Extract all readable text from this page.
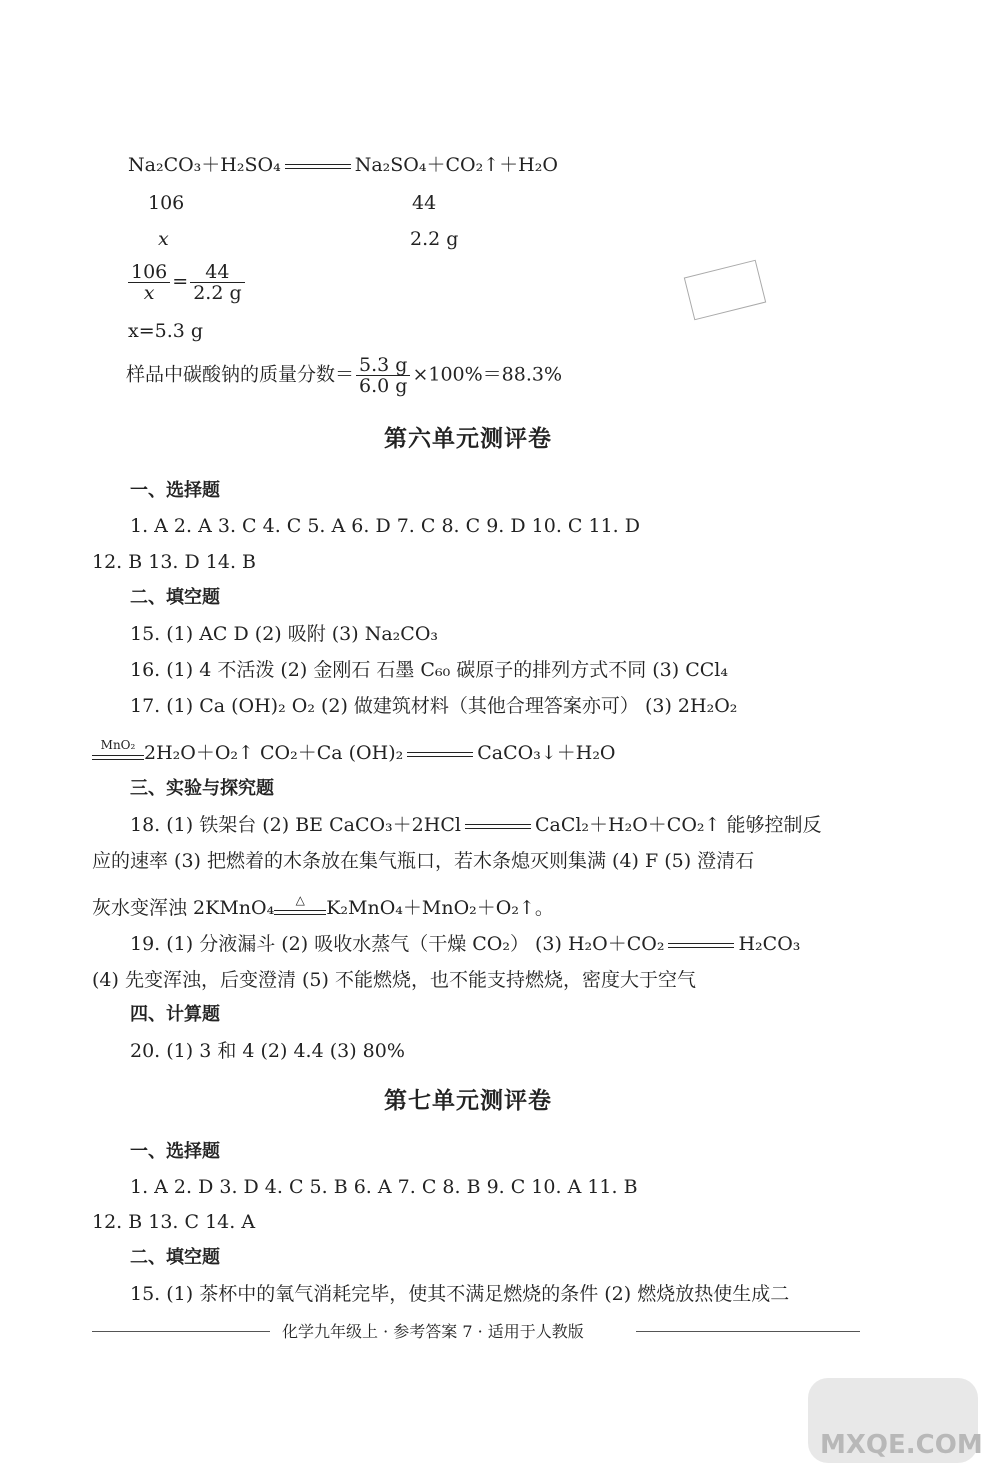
Na₂CO₃＋H₂SO₄	Na₂SO₄＋CO₂↑＋H₂O
106	44
x	2.2 g
$\frac{106}{x} = \frac{44}{2.2 g}$
x=5.3 g
样品中碳酸钠的质量分数＝ $\frac{5.3 g}{6.0 g} \times 100\%=88.3\%$
第六单元测评卷
一、选择题
1. A 2. A 3. C 4. C 5. A 6. D 7. C 8. C 9. D 10. C 11. D
12. B 13. D 14. B
二、填空题
15. (1) AC D (2) 吸附 (3) Na₂CO₃
16. (1) 4 不活泼 (2) 金刚石 石墨 C₆₀ 碳原子的排列方式不同 (3) CCl₄
17. (1) Ca (OH)₂ O₂ (2) 做建筑材料（其他合理答案亦可） (3) 2H₂O₂
MnO₂ 2H₂O＋O₂↑ CO₂＋Ca (OH)₂	CaCO₃↓＋H₂O
三、实验与探究题
18. (1) 铁架台 (2) BE CaCO₃＋2HCl	CaCl₂＋H₂O＋CO₂↑ 能够控制反
应的速率 (3) 把燃着的木条放在集气瓶口，若木条熄灭则集满 (4) F (5) 澄清石
灰水变浑浊 2KMnO₄	△	K₂MnO₄＋MnO₂＋O₂↑。
19. (1) 分液漏斗 (2) 吸收水蒸气（干燥 CO₂） (3) H₂O＋CO₂	H₂CO₃
(4) 先变浑浊，后变澄清 (5) 不能燃烧，也不能支持燃烧，密度大于空气
四、计算题
20. (1) 3 和 4 (2) 4.4 (3) 80%
第七单元测评卷
一、选择题
1. A 2. D 3. D 4. C 5. B 6. A 7. C 8. B 9. C 10. A 11. B
12. B 13. C 14. A
二、填空题
15. (1) 茶杯中的氧气消耗完毕，使其不满足燃烧的条件 (2) 燃烧放热使生成二
化学九年级上 · 参考答案 7 · 适用于人教版
MXQE.COM
